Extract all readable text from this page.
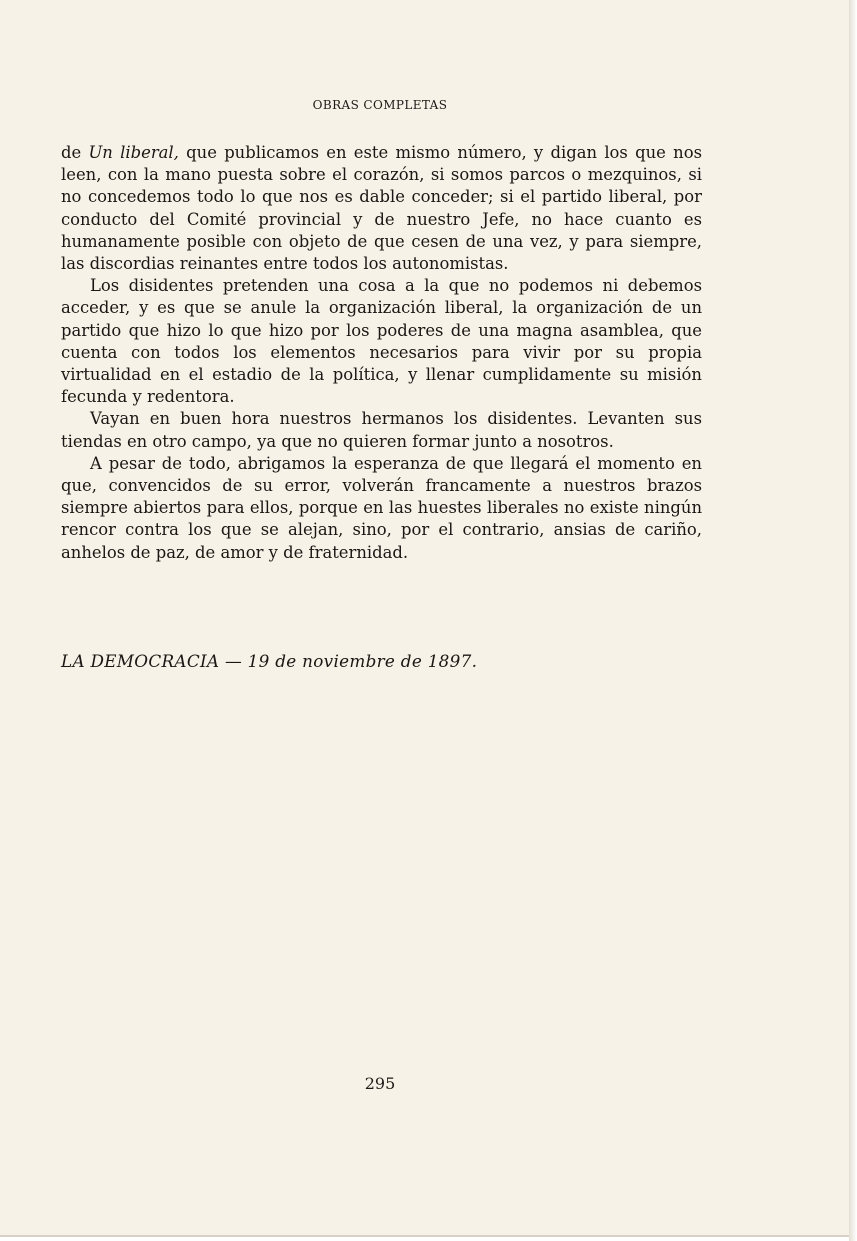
OBRAS COMPLETAS

de Un liberal, que publicamos en este mismo número, y digan los que nos leen, con la mano puesta sobre el corazón, si somos parcos o mezquinos, si no concedemos todo lo que nos es dable conceder; si el partido liberal, por conducto del Comité provincial y de nuestro Jefe, no hace cuanto es humanamente posible con objeto de que cesen de una vez, y para siempre, las discordias reinantes entre todos los autonomistas.

Los disidentes pretenden una cosa a la que no podemos ni debemos acceder, y es que se anule la organización liberal, la organización de un partido que hizo lo que hizo por los poderes de una magna asamblea, que cuenta con todos los elementos necesarios para vivir por su propia virtualidad en el estadio de la política, y llenar cumplidamente su misión fecunda y redentora.

Vayan en buen hora nuestros hermanos los disidentes. Levanten sus tiendas en otro campo, ya que no quieren formar junto a nosotros.

A pesar de todo, abrigamos la esperanza de que llegará el momento en que, convencidos de su error, volverán francamente a nuestros brazos siempre abiertos para ellos, porque en las huestes liberales no existe ningún rencor contra los que se alejan, sino, por el contrario, ansias de cariño, anhelos de paz, de amor y de fraternidad.

LA DEMOCRACIA — 19 de noviembre de 1897.
295
